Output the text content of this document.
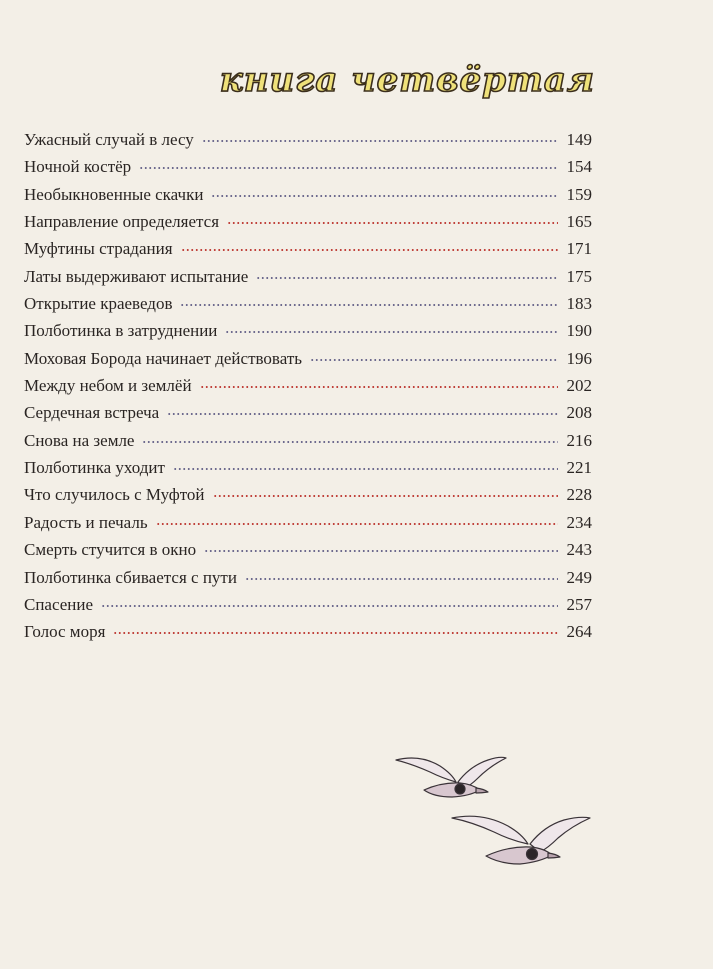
книга четвёртая
Ужасный случай в лесу	149
Ночной костёр	154
Необыкновенные скачки	159
Направление определяется	165
Муфтины страдания	171
Латы выдерживают испытание	175
Открытие краеведов	183
Полботинка в затруднении	190
Моховая Борода начинает действовать	196
Между небом и землёй	202
Сердечная встреча	208
Снова на земле	216
Полботинка уходит	221
Что случилось с Муфтой	228
Радость и печаль	234
Смерть стучится в окно	243
Полботинка сбивается с пути	249
Спасение	257
Голос моря	264
